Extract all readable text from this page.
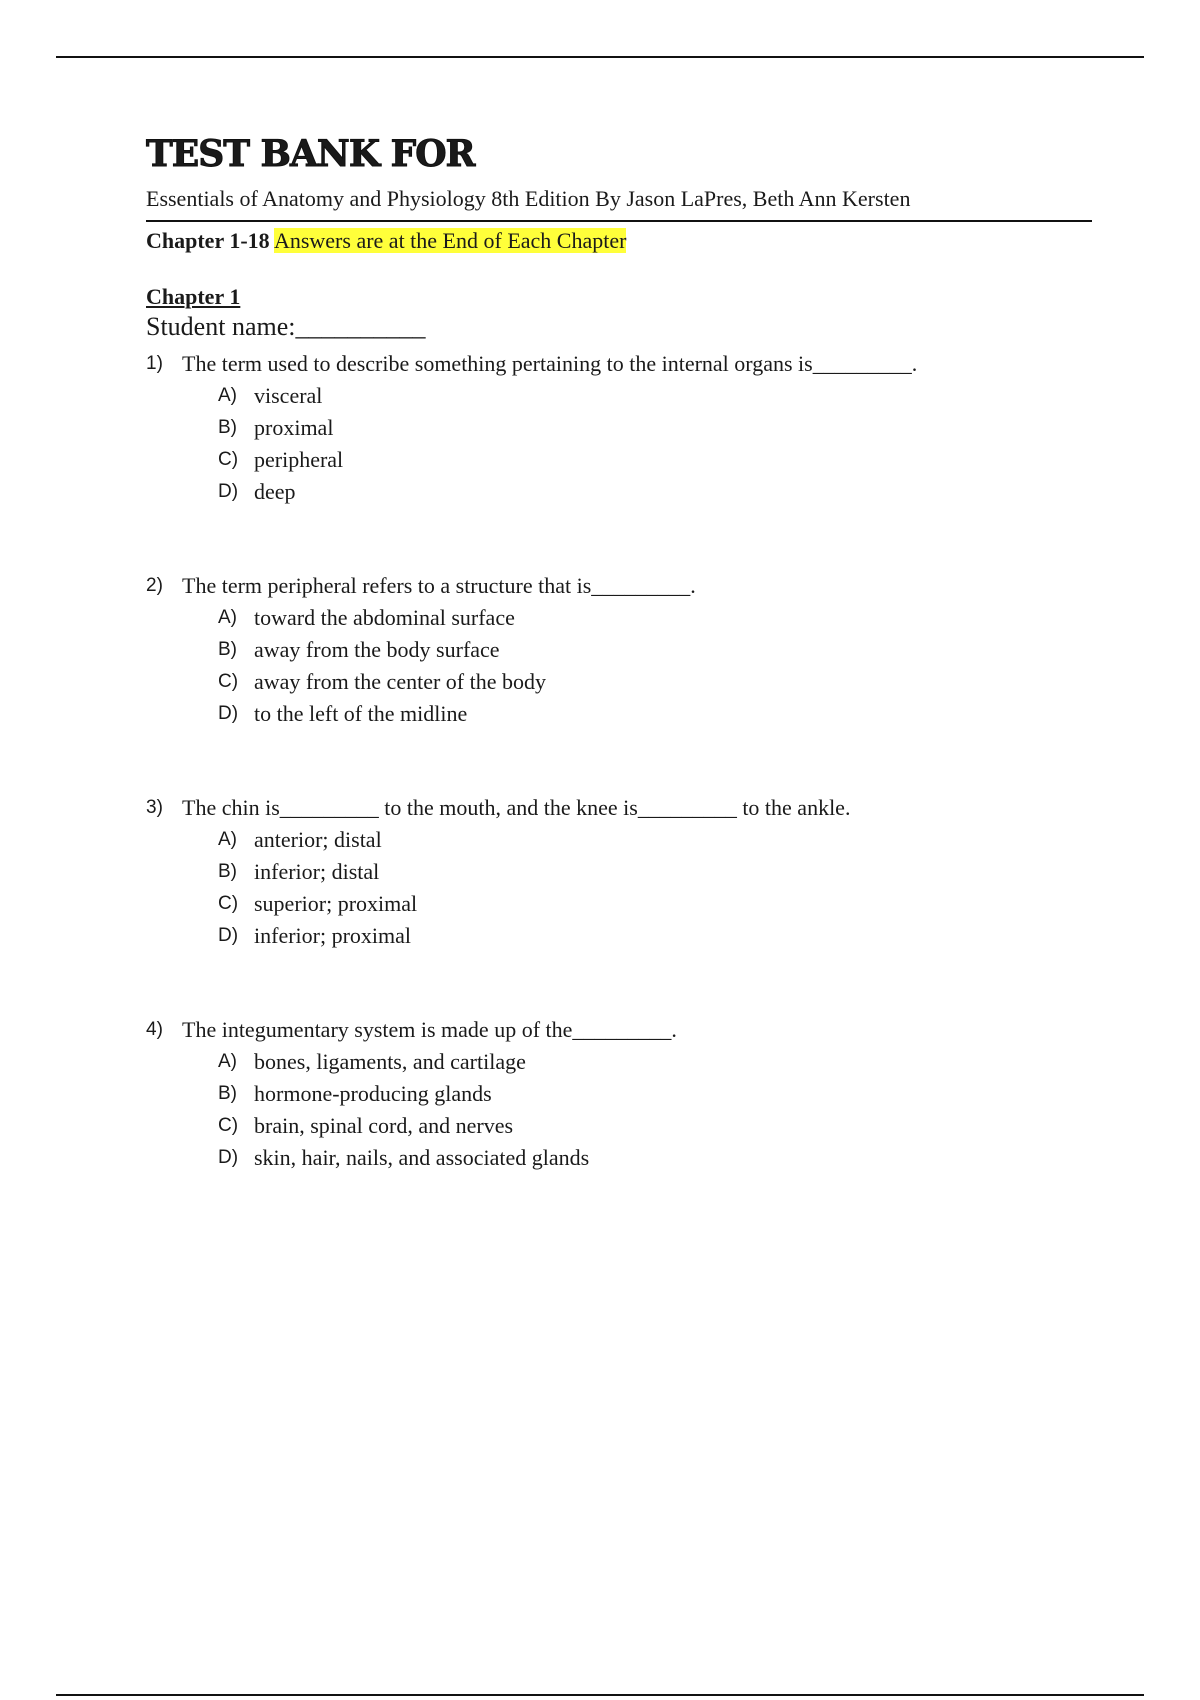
TEST BANK FOR
Essentials of Anatomy and Physiology 8th Edition By Jason LaPres, Beth Ann Kersten
Chapter 1-18 Answers are at the End of Each Chapter
Chapter 1
Student name:__________
1) The term used to describe something pertaining to the internal organs is_________.
A) visceral
B) proximal
C) peripheral
D) deep
2) The term peripheral refers to a structure that is_________.
A) toward the abdominal surface
B) away from the body surface
C) away from the center of the body
D) to the left of the midline
3) The chin is_________ to the mouth, and the knee is_________ to the ankle.
A) anterior; distal
B) inferior; distal
C) superior; proximal
D) inferior; proximal
4) The integumentary system is made up of the_________.
A) bones, ligaments, and cartilage
B) hormone-producing glands
C) brain, spinal cord, and nerves
D) skin, hair, nails, and associated glands
